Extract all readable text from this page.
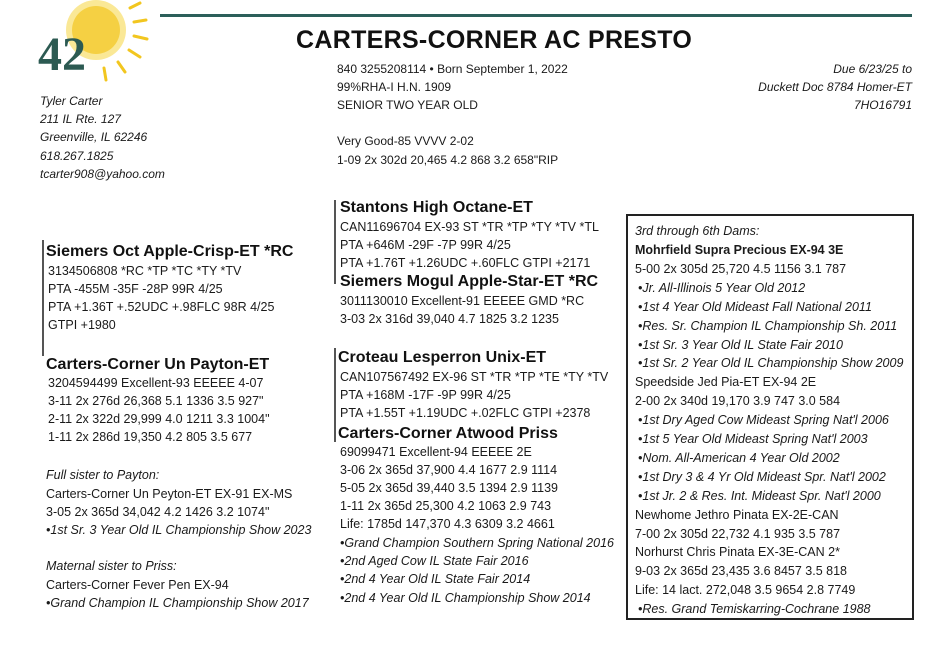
42	CARTERS-CORNER AC PRESTO
Tyler Carter
211 IL Rte. 127
Greenville, IL 62246
618.267.1825
tcarter908@yahoo.com
840 3255208114 • Born September 1, 2022
99%RHA-I H.N. 1909
SENIOR TWO YEAR OLD
Very Good-85 VVVV 2-02
1-09 2x 302d 20,465 4.2 868 3.2 658"RIP
Due 6/23/25 to
Duckett Doc 8784 Homer-ET
7HO16791
Stantons High Octane-ET
CAN11696704 EX-93 ST *TR *TP *TY *TV *TL
PTA +646M -29F -7P 99R 4/25
PTA +1.76T +1.26UDC +.60FLC GTPI +2171
Siemers Mogul Apple-Star-ET *RC
3011130010 Excellent-91 EEEEE GMD *RC
3-03 2x 316d 39,040 4.7 1825 3.2 1235
Siemers Oct Apple-Crisp-ET *RC
3134506808 *RC *TP *TC *TY *TV
PTA -455M -35F -28P 99R 4/25
PTA +1.36T +.52UDC +.98FLC 98R 4/25
GTPI +1980
Carters-Corner Un Payton-ET
3204594499 Excellent-93 EEEEE 4-07
3-11 2x 276d 26,368 5.1 1336 3.5 927"
2-11 2x 322d 29,999 4.0 1211 3.3 1004"
1-11 2x 286d 19,350 4.2 805 3.5 677
Croteau Lesperron Unix-ET
CAN107567492 EX-96 ST *TR *TP *TE *TY *TV
PTA +168M -17F -9P 99R 4/25
PTA +1.55T +1.19UDC +.02FLC GTPI +2378
Carters-Corner Atwood Priss
69099471 Excellent-94 EEEEE 2E
3-06 2x 365d 37,900 4.4 1677 2.9 1114
5-05 2x 365d 39,440 3.5 1394 2.9 1139
1-11 2x 365d 25,300 4.2 1063 2.9 743
Life: 1785d 147,370 4.3 6309 3.2 4661
•Grand Champion Southern Spring National 2016
•2nd Aged Cow IL State Fair 2016
•2nd 4 Year Old IL State Fair 2014
•2nd 4 Year Old IL Championship Show 2014
Full sister to Payton:
Carters-Corner Un Peyton-ET EX-91 EX-MS
3-05 2x 365d 34,042 4.2 1426 3.2 1074"
•1st Sr. 3 Year Old IL Championship Show 2023
Maternal sister to Priss:
Carters-Corner Fever Pen EX-94
•Grand Champion IL Championship Show 2017
3rd through 6th Dams:
Mohrfield Supra Precious EX-94 3E
5-00 2x 305d 25,720 4.5 1156 3.1 787
•Jr. All-Illinois 5 Year Old 2012
•1st 4 Year Old Mideast Fall National 2011
•Res. Sr. Champion IL Championship Sh. 2011
•1st Sr. 3 Year Old IL State Fair 2010
•1st Sr. 2 Year Old IL Championship Show 2009
Speedside Jed Pia-ET EX-94 2E
2-00 2x 340d 19,170 3.9 747 3.0 584
•1st Dry Aged Cow Mideast Spring Nat'l 2006
•1st 5 Year Old Mideast Spring Nat'l 2003
•Nom. All-American 4 Year Old 2002
•1st Dry 3 & 4 Yr Old Mideast Spr. Nat'l 2002
•1st Jr. 2 & Res. Int. Mideast Spr. Nat'l 2000
Newhome Jethro Pinata EX-2E-CAN
7-00 2x 305d 22,732 4.1 935 3.5 787
Norhurst Chris Pinata EX-3E-CAN 2*
9-03 2x 365d 23,435 3.6 8457 3.5 818
Life: 14 lact. 272,048 3.5 9654 2.8 7749
•Res. Grand Temiskarring-Cochrane 1988
